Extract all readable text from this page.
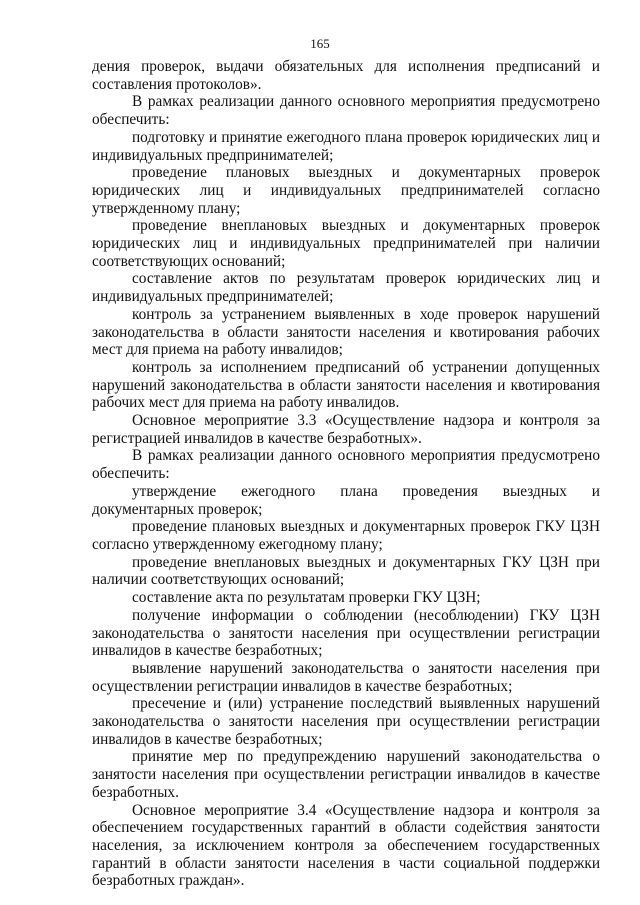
165

дения проверок, выдачи обязательных для исполнения предписаний и составления протоколов».

В рамках реализации данного основного мероприятия предусмотрено обеспечить:

подготовку и принятие ежегодного плана проверок юридических лиц и индивидуальных предпринимателей;

проведение плановых выездных и документарных проверок юридических лиц и индивидуальных предпринимателей согласно утвержденному плану;

проведение внеплановых выездных и документарных проверок юридических лиц и индивидуальных предпринимателей при наличии соответствующих оснований;

составление актов по результатам проверок юридических лиц и индивидуальных предпринимателей;

контроль за устранением выявленных в ходе проверок нарушений законодательства в области занятости населения и квотирования рабочих мест для приема на работу инвалидов;

контроль за исполнением предписаний об устранении допущенных нарушений законодательства в области занятости населения и квотирования рабочих мест для приема на работу инвалидов.

Основное мероприятие 3.3 «Осуществление надзора и контроля за регистрацией инвалидов в качестве безработных».

В рамках реализации данного основного мероприятия предусмотрено обеспечить:

утверждение ежегодного плана проведения выездных и документарных проверок;

проведение плановых выездных и документарных проверок ГКУ ЦЗН согласно утвержденному ежегодному плану;

проведение внеплановых выездных и документарных ГКУ ЦЗН при наличии соответствующих оснований;

составление акта по результатам проверки ГКУ ЦЗН;

получение информации о соблюдении (несоблюдении) ГКУ ЦЗН законодательства о занятости населения при осуществлении регистрации инвалидов в качестве безработных;

выявление нарушений законодательства о занятости населения при осуществлении регистрации инвалидов в качестве безработных;

пресечение и (или) устранение последствий выявленных нарушений законодательства о занятости населения при осуществлении регистрации инвалидов в качестве безработных;

принятие мер по предупреждению нарушений законодательства о занятости населения при осуществлении регистрации инвалидов в качестве безработных.

Основное мероприятие 3.4 «Осуществление надзора и контроля за обеспечением государственных гарантий в области содействия занятости населения, за исключением контроля за обеспечением государственных гарантий в области занятости населения в части социальной поддержки безработных граждан».
